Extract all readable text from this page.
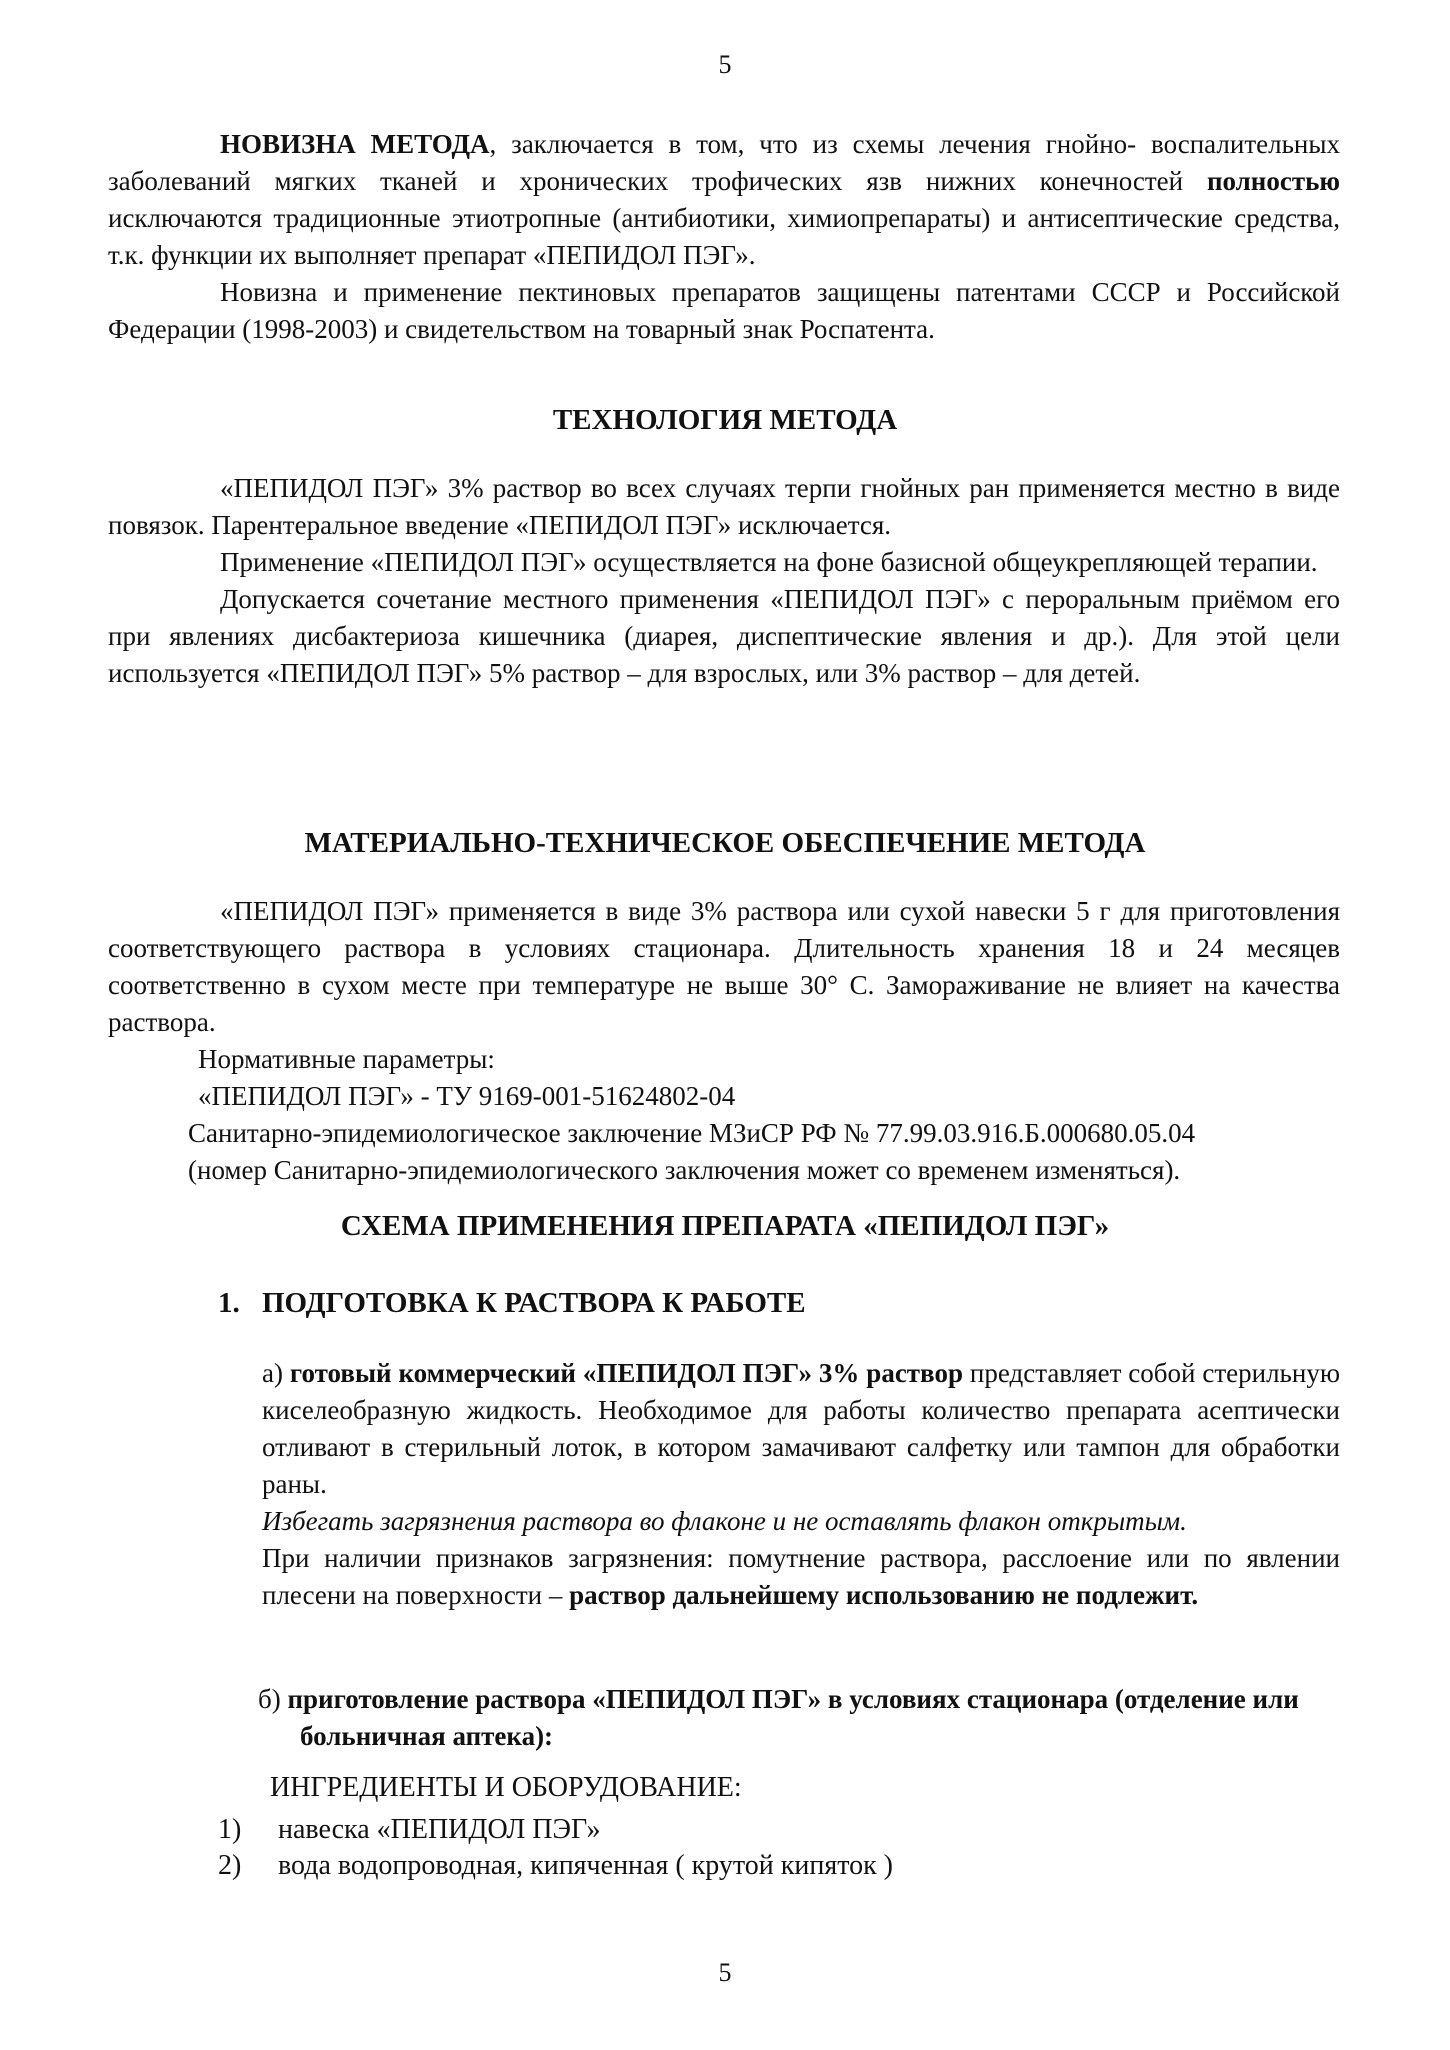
5

НОВИЗНА МЕТОДА, заключается в том, что из схемы лечения гнойно- воспалительных заболеваний мягких тканей и хронических трофических язв нижних конечностей полностью исключаются традиционные этиотропные (антибиотики, химиопрепараты) и антисептические средства, т.к. функции их выполняет препарат «ПЕПИДОЛ ПЭГ».

Новизна и применение пектиновых препаратов защищены патентами СССР и Российской Федерации (1998-2003) и свидетельством на товарный знак Роспатента.

ТЕХНОЛОГИЯ МЕТОДА

«ПЕПИДОЛ ПЭГ» 3% раствор во всех случаях терпи гнойных ран применяется местно в виде повязок. Парентеральное введение «ПЕПИДОЛ ПЭГ» исключается.

Применение «ПЕПИДОЛ ПЭГ» осуществляется на фоне базисной общеукрепляющей терапии.

Допускается сочетание местного применения «ПЕПИДОЛ ПЭГ» с пероральным приёмом его при явлениях дисбактериоза кишечника (диарея, диспептические явления и др.). Для этой цели используется «ПЕПИДОЛ ПЭГ» 5% раствор – для взрослых, или 3% раствор – для детей.

МАТЕРИАЛЬНО-ТЕХНИЧЕСКОЕ ОБЕСПЕЧЕНИЕ МЕТОДА

«ПЕПИДОЛ ПЭГ» применяется в виде 3% раствора или сухой навески 5 г для приготовления соответствующего раствора в условиях стационара. Длительность хранения 18 и 24 месяцев соответственно в сухом месте при температуре не выше 30° С. Замораживание не влияет на качества раствора.

Нормативные параметры:

«ПЕПИДОЛ ПЭГ» - ТУ 9169-001-51624802-04

Санитарно-эпидемиологическое заключение МЗиСР РФ № 77.99.03.916.Б.000680.05.04

(номер Санитарно-эпидемиологического заключения может со временем изменяться).

СХЕМА ПРИМЕНЕНИЯ ПРЕПАРАТА «ПЕПИДОЛ ПЭГ»
1. ПОДГОТОВКА К РАСТВОРА К РАБОТЕ

а) готовый коммерческий «ПЕПИДОЛ ПЭГ» 3% раствор представляет собой стерильную киселеобразную жидкость. Необходимое для работы количество препарата асептически отливают в стерильный лоток, в котором замачивают салфетку или тампон для обработки раны.

Избегать загрязнения раствора во флаконе и не оставлять флакон открытым.

При наличии признаков загрязнения: помутнение раствора, расслоение или по явлении плесени на поверхности – раствор дальнейшему использованию не подлежит.

б) приготовление раствора «ПЕПИДОЛ ПЭГ» в условиях стационара (отделение или больничная аптека):

ИНГРЕДИЕНТЫ И ОБОРУДОВАНИЕ:
1) навеска «ПЕПИДОЛ ПЭГ»
2) вода водопроводная, кипяченная ( крутой кипяток )
5
